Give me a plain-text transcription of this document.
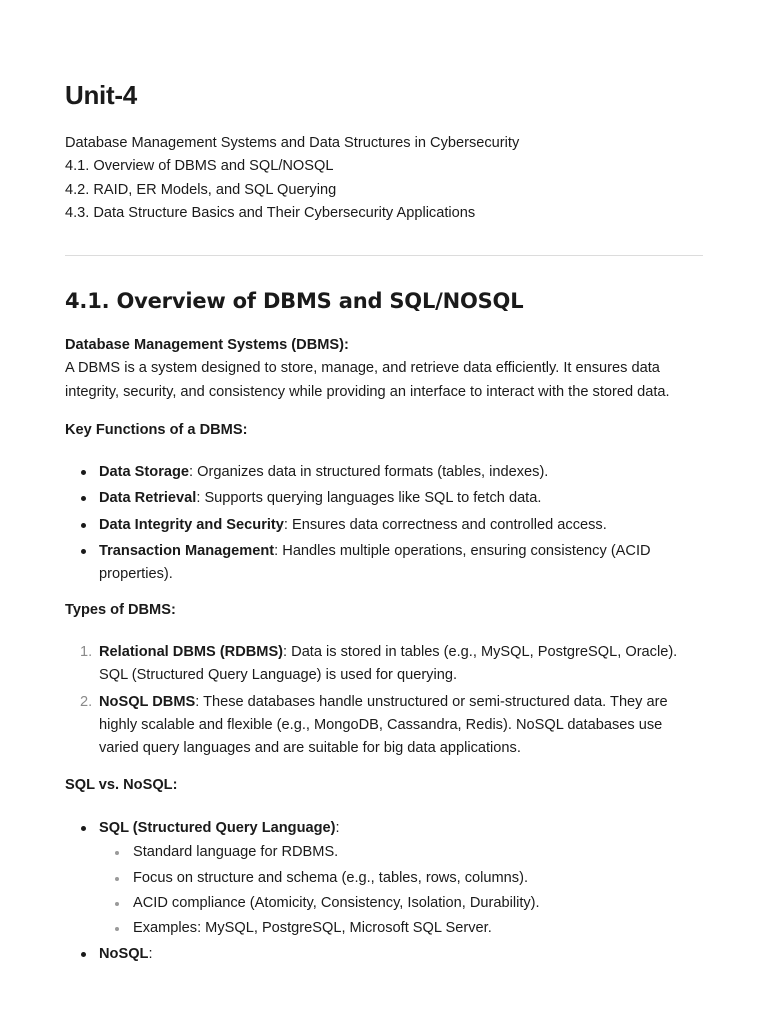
Unit-4
Database Management Systems and Data Structures in Cybersecurity
4.1. Overview of DBMS and SQL/NOSQL
4.2. RAID, ER Models, and SQL Querying
4.3. Data Structure Basics and Their Cybersecurity Applications
4.1. Overview of DBMS and SQL/NOSQL

Database Management Systems (DBMS):

A DBMS is a system designed to store, manage, and retrieve data efficiently. It ensures data integrity, security, and consistency while providing an interface to interact with the stored data.

Key Functions of a DBMS:

Data Storage: Organizes data in structured formats (tables, indexes).
Data Retrieval: Supports querying languages like SQL to fetch data.
Data Integrity and Security: Ensures data correctness and controlled access.
Transaction Management: Handles multiple operations, ensuring consistency (ACID properties).

Types of DBMS:

1. Relational DBMS (RDBMS): Data is stored in tables (e.g., MySQL, PostgreSQL, Oracle). SQL (Structured Query Language) is used for querying.
2. NoSQL DBMS: These databases handle unstructured or semi-structured data. They are highly scalable and flexible (e.g., MongoDB, Cassandra, Redis). NoSQL databases use varied query languages and are suitable for big data applications.

SQL vs. NoSQL:

SQL (Structured Query Language):
Standard language for RDBMS.
Focus on structure and schema (e.g., tables, rows, columns).
ACID compliance (Atomicity, Consistency, Isolation, Durability).
Examples: MySQL, PostgreSQL, Microsoft SQL Server.
NoSQL:
